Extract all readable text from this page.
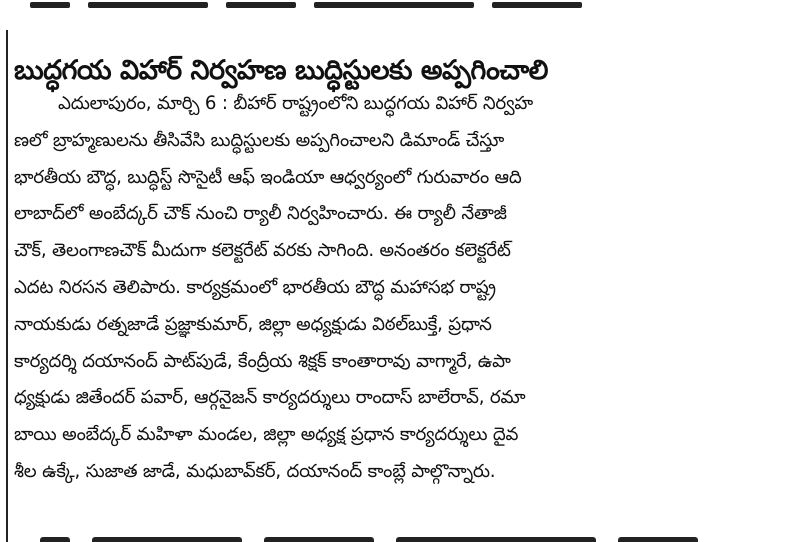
బుద్ధగయ విహార్ నిర్వహణ బుద్ధిస్టులకు అప్పగించాలి
ఎదులాపురం, మార్చి 6 : బీహార్ రాష్ట్రంలోని బుద్ధగయ విహార్ నిర్వహ
ణలో బ్రాహ్మణులను తీసివేసి బుద్ధిస్టులకు అప్పగించాలని డిమాండ్ చేస్తూ
భారతీయ బౌద్ధ, బుద్ధిస్ట్ సొసైటీ ఆఫ్ ఇండియా ఆధ్వర్యంలో గురువారం ఆది
లాబాద్‌లో అంబేద్కర్ చౌక్ నుంచి ర్యాలీ నిర్వహించారు. ఈ ర్యాలీ నేతాజీ
చౌక్, తెలంగాణచౌక్ మీదుగా కలెక్టరేట్ వరకు సాగింది. అనంతరం కలెక్టరేట్
ఎదట నిరసన తెలిపారు. కార్యక్రమంలో భారతీయ బౌద్ధ మహాసభ రాష్ట్ర
నాయకుడు రత్నజాడే ప్రజ్ఞాకుమార్, జిల్లా అధ్యక్షుడు విఠల్‌బుక్తే, ప్రధాన
కార్యదర్శి దయానంద్ పాట్‌పుడే, కేంద్రీయ శిక్షక్ కాంతారావు వాగ్మారే, ఉపా
ధ్యక్షుడు జితేందర్ పవార్, ఆర్గనైజన్ కార్యదర్శులు రాందాస్ బాలేరావ్, రమా
బాయి అంబేద్కర్ మహిళా మండల, జిల్లా అధ్యక్ష ప్రధాన కార్యదర్శులు దైవ
శీల ఉక్కే, సుజాత జాడే, మధుబావ్‌కర్, దయానంద్ కాంబ్లే పాల్గొన్నారు.
